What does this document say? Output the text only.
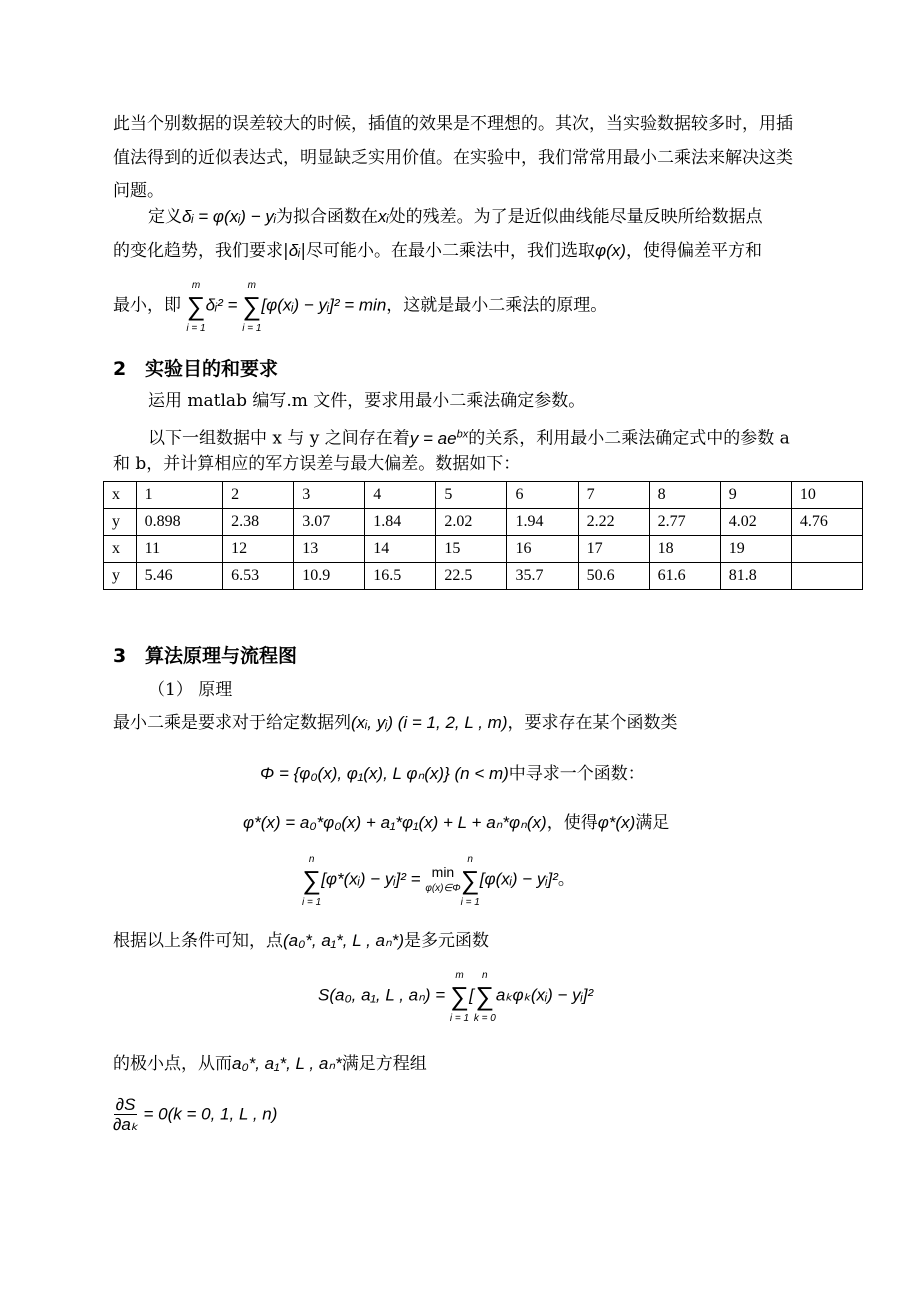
此当个别数据的误差较大的时候，插值的效果是不理想的。其次，当实验数据较多时，用插
值法得到的近似表达式，明显缺乏实用价值。在实验中，我们常常用最小二乘法来解决这类
问题。
定义δᵢ = φ(xᵢ) − yᵢ为拟合函数在xᵢ处的残差。为了是近似曲线能尽量反映所给数据点
的变化趋势，我们要求|δᵢ|尽可能小。在最小二乘法中，我们选取φ(x)，使得偏差平方和
最小，即 m
∑
i = 1δᵢ² = m
∑
i = 1[φ(xᵢ) − yᵢ]² = min，这就是最小二乘法的原理。
2 实验目的和要求
运用 matlab 编写.m 文件，要求用最小二乘法确定参数。
以下一组数据中 x 与 y 之间存在着$y = ae^{bx}$的关系，利用最小二乘法确定式中的参数 a
和 b，并计算相应的军方误差与最大偏差。数据如下：
x	1	2	3	4	5	6	7	8	9	10
y	0.898	2.38	3.07	1.84	2.02	1.94	2.22	2.77	4.02	4.76
x	11	12	13	14	15	16	17	18	19	
y	5.46	6.53	10.9	16.5	22.5	35.7	50.6	61.6	81.8	
3 算法原理与流程图
（1） 原理
最小二乘是要求对于给定数据列(xᵢ, yᵢ) (i = 1, 2, L , m)，要求存在某个函数类
Φ = {φ₀(x), φ₁(x), L φₙ(x)} (n < m)中寻求一个函数：
φ*(x) = a₀*φ₀(x) + a₁*φ₁(x) + L + aₙ*φₙ(x)，使得φ*(x)满足
n
∑
i = 1[φ*(xᵢ) − yᵢ]² = min
φ(x)∈Φn
∑
i = 1[φ(xᵢ) − yᵢ]²。
根据以上条件可知，点(a₀*, a₁*, L , aₙ*)是多元函数
S(a₀, a₁, L , aₙ) = m
∑
i = 1[n
∑
k = 0aₖφₖ(xᵢ) − yᵢ]²
的极小点，从而a₀*, a₁*, L , aₙ*满足方程组
$\frac{\partial S}{\text{∂aₖ}} = 0(k = 0$, 1, L , n)
